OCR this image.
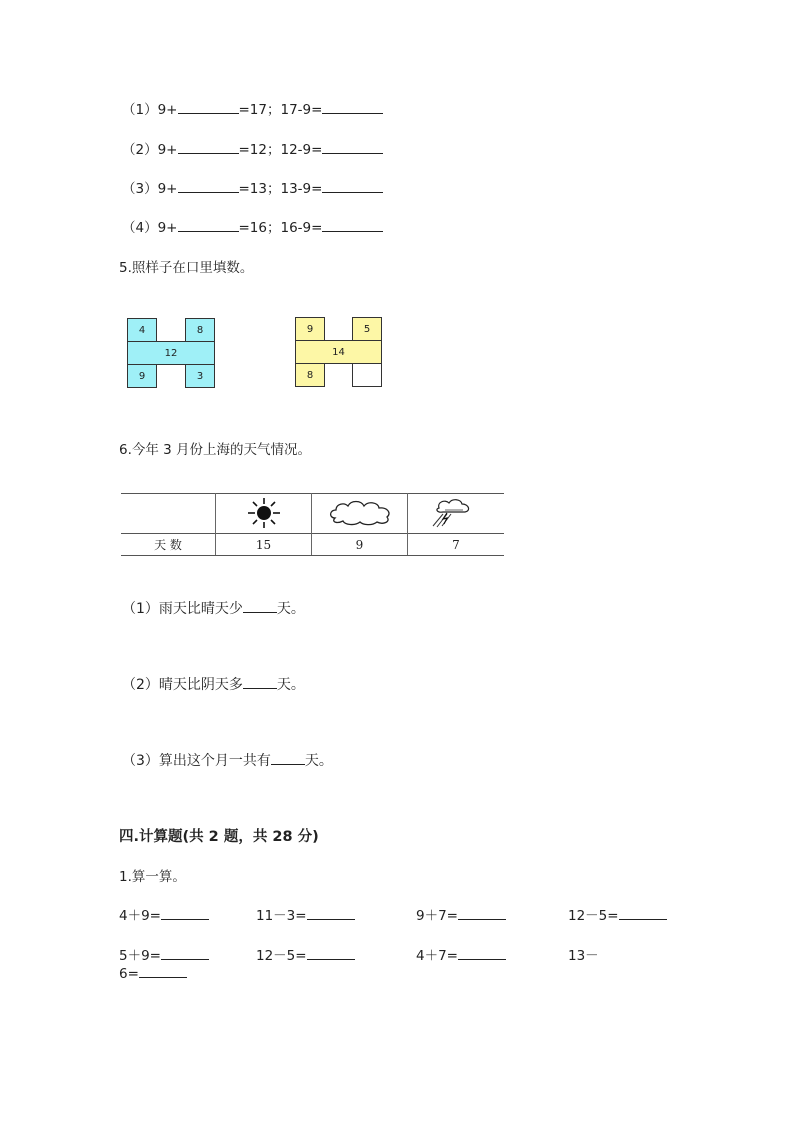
（1）9+	=17；17-9=
（2）9+	=12；12-9=
（3）9+	=13；13-9=
（4）9+	=16；16-9=
5.照样子在口里填数。
4	8
12
9	3
9	5
14
8
6.今年 3 月份上海的天气情况。
天 数	15	9	7
（1）雨天比晴天少 天。
（2）晴天比阴天多 天。
（3）算出这个月一共有 天。
四.计算题(共 2 题，共 28 分)
1.算一算。
4＋9=	11－3=	9＋7=	12－5=
5＋9=	12－5=	4＋7=	13－
6=
